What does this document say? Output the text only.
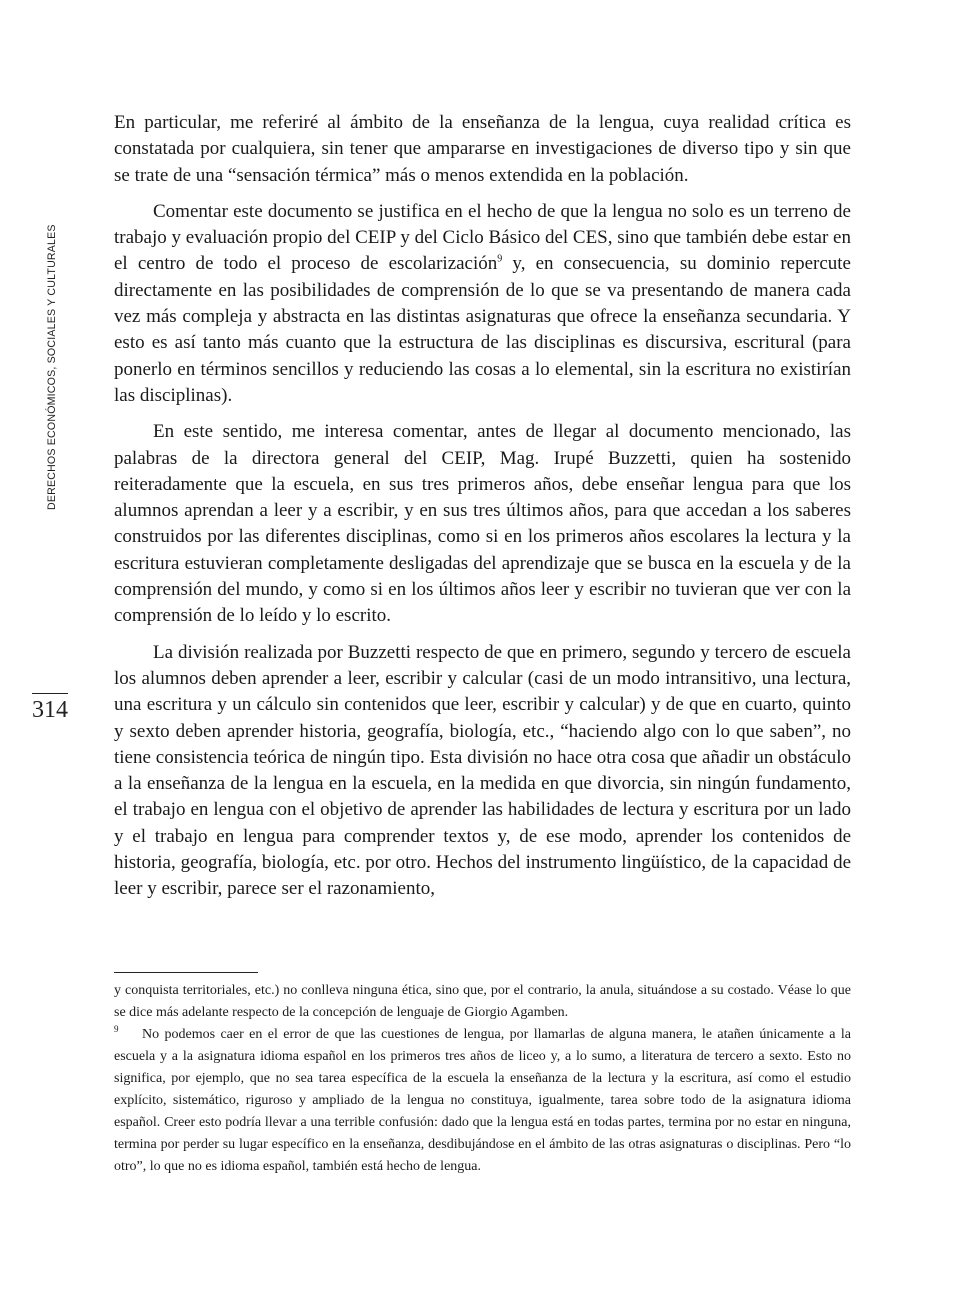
DERECHOS ECONÓMICOS, SOCIALES Y CULTURALES
314

En particular, me referiré al ámbito de la enseñanza de la lengua, cuya realidad crítica es constatada por cualquiera, sin tener que ampararse en investigaciones de diverso tipo y sin que se trate de una “sensación térmica” más o menos extendida en la población.

Comentar este documento se justifica en el hecho de que la lengua no solo es un terreno de trabajo y evaluación propio del CEIP y del Ciclo Básico del CES, sino que también debe estar en el centro de todo el proceso de escolarización$^9$ y, en consecuencia, su dominio repercute directamente en las posibilidades de comprensión de lo que se va presentando de manera cada vez más compleja y abstracta en las distintas asignaturas que ofrece la enseñanza secundaria. Y esto es así tanto más cuanto que la estructura de las disciplinas es discursiva, escritural (para ponerlo en términos sencillos y reduciendo las cosas a lo elemental, sin la escritura no existirían las disciplinas).

En este sentido, me interesa comentar, antes de llegar al documento mencionado, las palabras de la directora general del CEIP, Mag. Irupé Buzzetti, quien ha sostenido reiteradamente que la escuela, en sus tres primeros años, debe enseñar lengua para que los alumnos aprendan a leer y a escribir, y en sus tres últimos años, para que accedan a los saberes construidos por las diferentes disciplinas, como si en los primeros años escolares la lectura y la escritura estuvieran completamente desligadas del aprendizaje que se busca en la escuela y de la comprensión del mundo, y como si en los últimos años leer y escribir no tuvieran que ver con la comprensión de lo leído y lo escrito.

La división realizada por Buzzetti respecto de que en primero, segundo y tercero de escuela los alumnos deben aprender a leer, escribir y calcular (casi de un modo intransitivo, una lectura, una escritura y un cálculo sin contenidos que leer, escribir y calcular) y de que en cuarto, quinto y sexto deben aprender historia, geografía, biología, etc., “haciendo algo con lo que saben”, no tiene consistencia teórica de ningún tipo. Esta división no hace otra cosa que añadir un obstáculo a la enseñanza de la lengua en la escuela, en la medida en que divorcia, sin ningún fundamento, el trabajo en lengua con el objetivo de aprender las habilidades de lectura y escritura por un lado y el trabajo en lengua para comprender textos y, de ese modo, aprender los contenidos de historia, geografía, biología, etc. por otro. Hechos del instrumento lingüístico, de la capacidad de leer y escribir, parece ser el razonamiento,

y conquista territoriales, etc.) no conlleva ninguna ética, sino que, por el contrario, la anula, situándose a su costado. Véase lo que se dice más adelante respecto de la concepción de lenguaje de Giorgio Agamben.

9 No podemos caer en el error de que las cuestiones de lengua, por llamarlas de alguna manera, le atañen únicamente a la escuela y a la asignatura idioma español en los primeros tres años de liceo y, a lo sumo, a literatura de tercero a sexto. Esto no significa, por ejemplo, que no sea tarea específica de la escuela la enseñanza de la lectura y la escritura, así como el estudio explícito, sistemático, riguroso y ampliado de la lengua no constituya, igualmente, tarea sobre todo de la asignatura idioma español. Creer esto podría llevar a una terrible confusión: dado que la lengua está en todas partes, termina por no estar en ninguna, termina por perder su lugar específico en la enseñanza, desdibujándose en el ámbito de las otras asignaturas o disciplinas. Pero “lo otro”, lo que no es idioma español, también está hecho de lengua.
